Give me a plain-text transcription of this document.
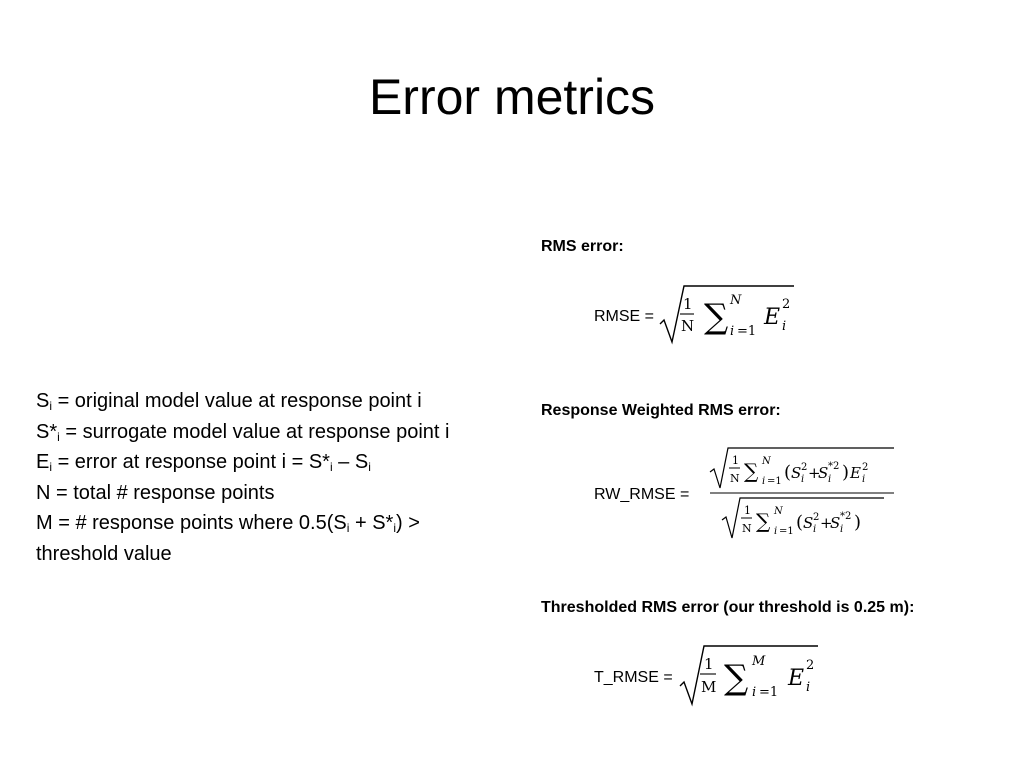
Error metrics

$S_i$ = original model value at response point i

$S*_i$ = surrogate model value at response point i

$E_i$ = error at response point $i = S*_i - S_i$

N = total # response points

M = # response points where $0.5(S_i + S*_i)$ > threshold value

RMS error:
RMSE =
1
N ∑ N
i =1
E
2
i
Response Weighted RMS error:
RW_RMSE =
1
N ∑ N
i =1 ( S 2
i +
S *2
i ) E 2
i
1
N ∑ N
i =1 ( S 2
i +
S *2
i )
Thresholded RMS error (our threshold is 0.25 m):
T_RMSE =
1
M ∑ M
i =1
E
2
i
